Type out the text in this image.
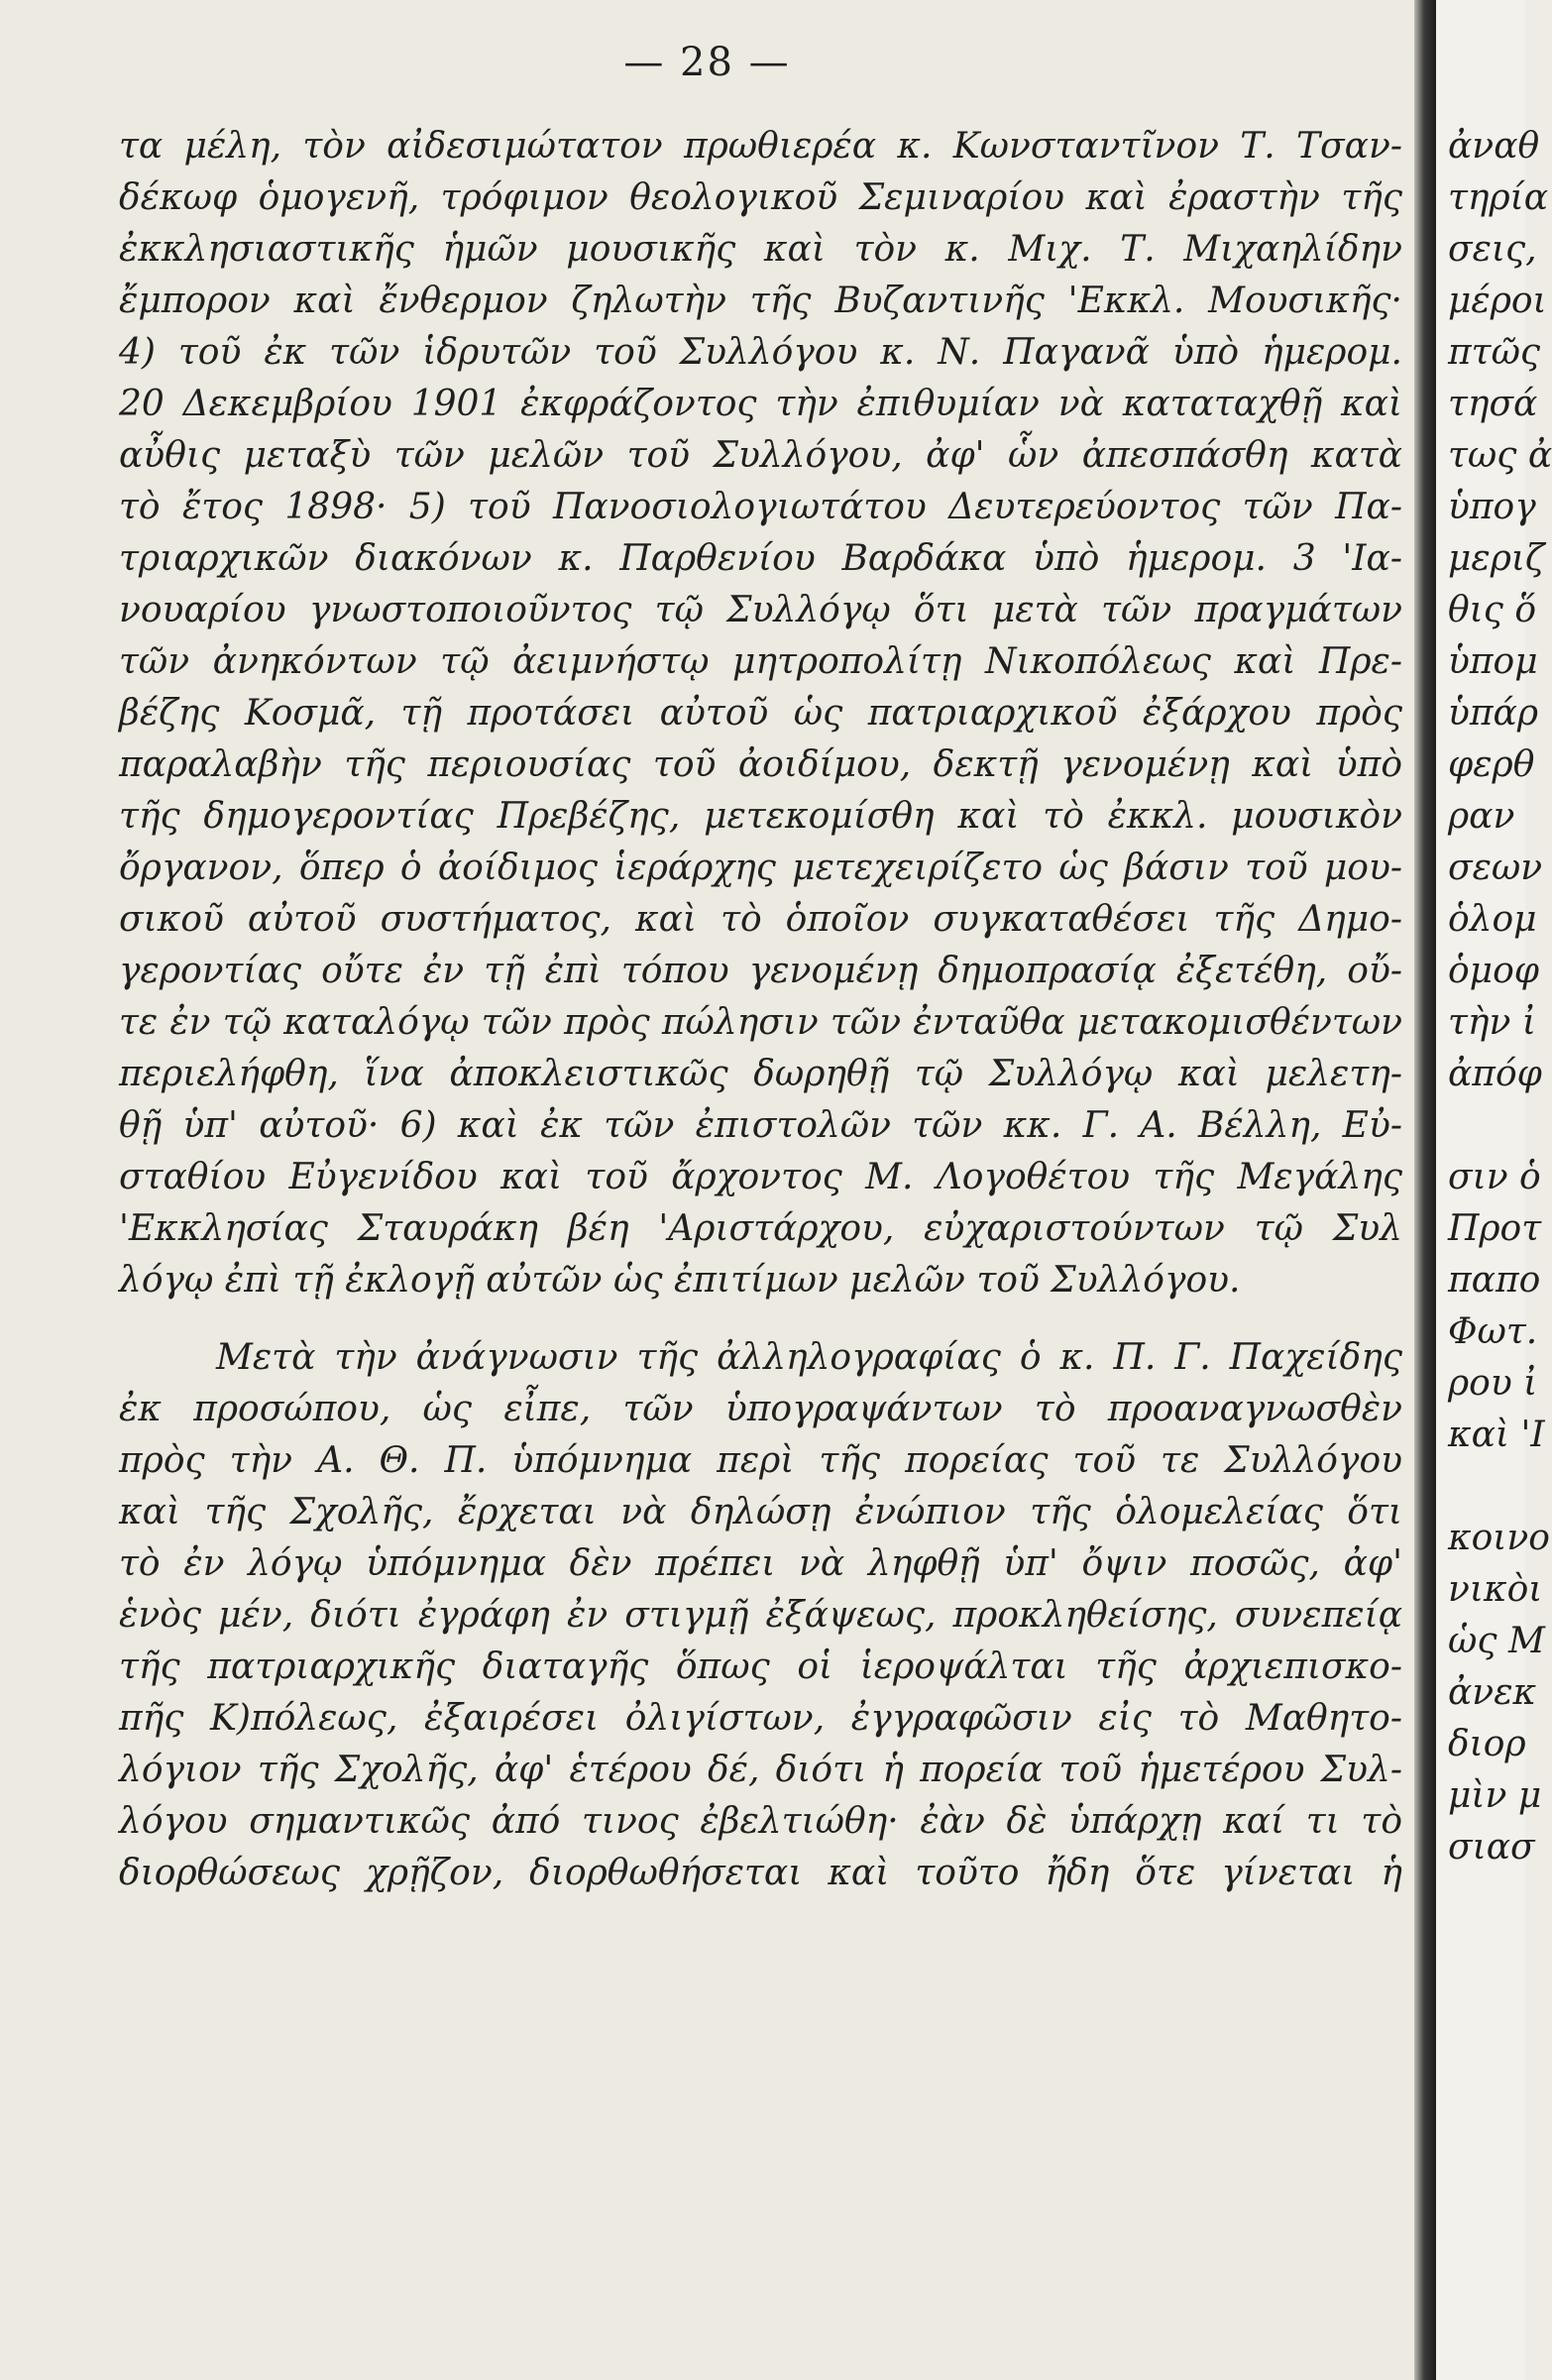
— 28 —
τα μέλη, τὸν αἰδεσιμώτατον πρωθιερέα κ. Κωνσταντῖνον Τ. Τσαν-
δέκωφ ὁμογενῆ, τρόφιμον θεολογικοῦ Σεμιναρίου καὶ ἐραστὴν τῆς
ἐκκλησιαστικῆς ἡμῶν μουσικῆς καὶ τὸν κ. Μιχ. Τ. Μιχαηλίδην
ἔμπορον καὶ ἔνθερμον ζηλωτὴν τῆς Βυζαντινῆς 'Εκκλ. Μουσικῆς·
4) τοῦ ἐκ τῶν ἱδρυτῶν τοῦ Συλλόγου κ. Ν. Παγανᾶ ὑπὸ ἡμερομ.
20 Δεκεμβρίου 1901 ἐκφράζοντος τὴν ἐπιθυμίαν νὰ καταταχθῇ καὶ
αὖθις μεταξὺ τῶν μελῶν τοῦ Συλλόγου, ἀφ' ὧν ἀπεσπάσθη κατὰ
τὸ ἔτος 1898· 5) τοῦ Πανοσιολογιωτάτου Δευτερεύοντος τῶν Πα-
τριαρχικῶν διακόνων κ. Παρθενίου Βαρδάκα ὑπὸ ἡμερομ. 3 'Ια-
νουαρίου γνωστοποιοῦντος τῷ Συλλόγῳ ὅτι μετὰ τῶν πραγμάτων
τῶν ἀνηκόντων τῷ ἀειμνήστῳ μητροπολίτῃ Νικοπόλεως καὶ Πρε-
βέζης Κοσμᾶ, τῇ προτάσει αὐτοῦ ὡς πατριαρχικοῦ ἐξάρχου πρὸς
παραλαβὴν τῆς περιουσίας τοῦ ἀοιδίμου, δεκτῇ γενομένῃ καὶ ὑπὸ
τῆς δημογεροντίας Πρεβέζης, μετεκομίσθη καὶ τὸ ἐκκλ. μουσικὸν
ὄργανον, ὅπερ ὁ ἀοίδιμος ἱεράρχης μετεχειρίζετο ὡς βάσιν τοῦ μου-
σικοῦ αὐτοῦ συστήματος, καὶ τὸ ὁποῖον συγκαταθέσει τῆς Δημο-
γεροντίας οὔτε ἐν τῇ ἐπὶ τόπου γενομένῃ δημοπρασίᾳ ἐξετέθη, οὔ-
τε ἐν τῷ καταλόγῳ τῶν πρὸς πώλησιν τῶν ἐνταῦθα μετακομισθέντων
περιελήφθη, ἵνα ἀποκλειστικῶς δωρηθῇ τῷ Συλλόγῳ καὶ μελετη-
θῇ ὑπ' αὐτοῦ· 6) καὶ ἐκ τῶν ἐπιστολῶν τῶν κκ. Γ. Α. Βέλλη, Εὐ-
σταθίου Εὐγενίδου καὶ τοῦ ἄρχοντος Μ. Λογοθέτου τῆς Μεγάλης
'Εκκλησίας Σταυράκη βέη 'Αριστάρχου, εὐχαριστούντων τῷ Συλ
λόγῳ ἐπὶ τῇ ἐκλογῇ αὐτῶν ὡς ἐπιτίμων μελῶν τοῦ Συλλόγου.
Μετὰ τὴν ἀνάγνωσιν τῆς ἀλληλογραφίας ὁ κ. Π. Γ. Παχείδης
ἐκ προσώπου, ὡς εἶπε, τῶν ὑπογραψάντων τὸ προαναγνωσθὲν
πρὸς τὴν Α. Θ. Π. ὑπόμνημα περὶ τῆς πορείας τοῦ τε Συλλόγου
καὶ τῆς Σχολῆς, ἔρχεται νὰ δηλώσῃ ἐνώπιον τῆς ὁλομελείας ὅτι
τὸ ἐν λόγῳ ὑπόμνημα δὲν πρέπει νὰ ληφθῇ ὑπ' ὄψιν ποσῶς, ἀφ'
ἑνὸς μέν, διότι ἐγράφη ἐν στιγμῇ ἐξάψεως, προκληθείσης, συνεπείᾳ
τῆς πατριαρχικῆς διαταγῆς ὅπως οἱ ἱεροψάλται τῆς ἀρχιεπισκο-
πῆς Κ)πόλεως, ἐξαιρέσει ὀλιγίστων, ἐγγραφῶσιν εἰς τὸ Μαθητο-
λόγιον τῆς Σχολῆς, ἀφ' ἑτέρου δέ, διότι ἡ πορεία τοῦ ἡμετέρου Συλ-
λόγου σημαντικῶς ἀπό τινος ἐβελτιώθη· ἐὰν δὲ ὑπάρχῃ καί τι τὸ
διορθώσεως χρῇζον, διορθωθήσεται καὶ τοῦτο ἤδη ὅτε γίνεται ἡ
ἀναθ
τηρία
σεις,
μέροι
πτῶς
τησά
τως ἀ
ὑπογ
μεριζ
θις ὅ
ὑπομ
ὑπάρ
φερθ
ραν
σεων
ὁλομ
ὁμοφ
τὴν ἰ
ἀπόφ
σιν ὁ
Προτ
παπο
Φωτ.
ρου ἰ
καὶ 'Ι
κοινο
νικὸι
ὡς Μ
ἀνεκ
διορ
μὶν μ
σιασ
